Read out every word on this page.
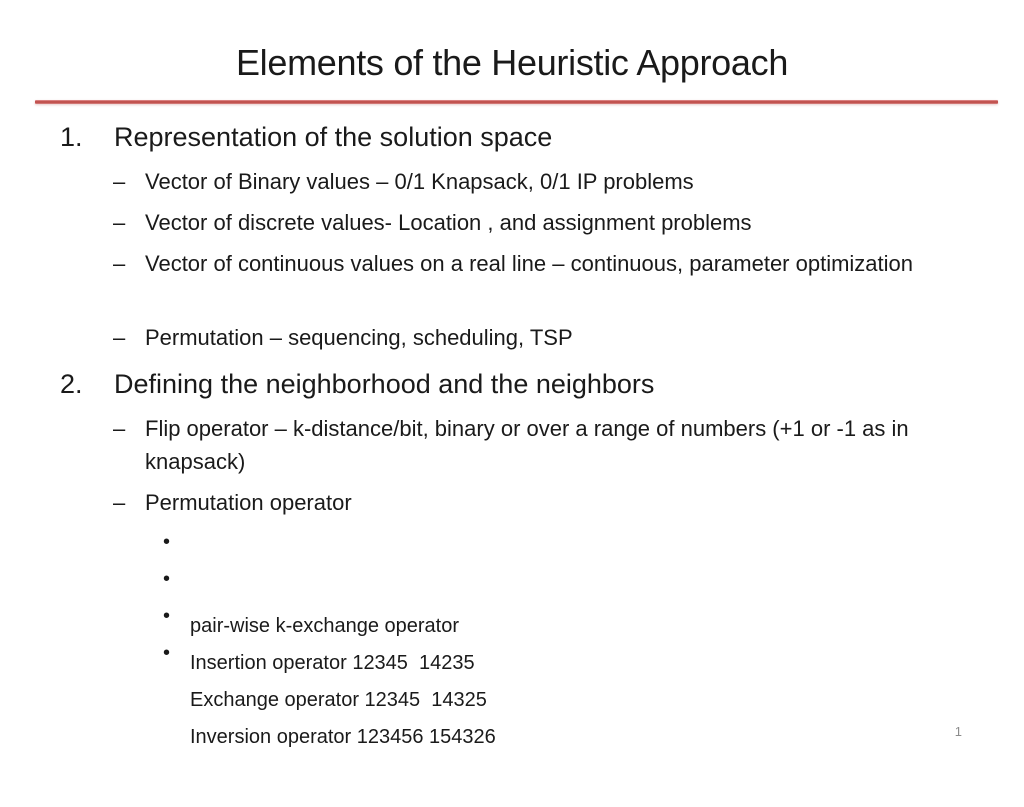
Elements of the Heuristic Approach
1. Representation of the solution space
– Vector of Binary values – 0/1 Knapsack, 0/1 IP problems
– Vector of discrete values- Location , and assignment problems
– Vector of continuous values on a real line – continuous, parameter optimization
– Permutation – sequencing, scheduling, TSP
2. Defining the neighborhood and the neighbors
– Flip operator – k-distance/bit, binary or over a range of numbers (+1 or -1 as in knapsack)
– Permutation operator

•

pair-wise k-exchange operator

•

Insertion operator 12345  14235

•

Exchange operator 12345  14325

•

Inversion operator 123456 154326

	1
